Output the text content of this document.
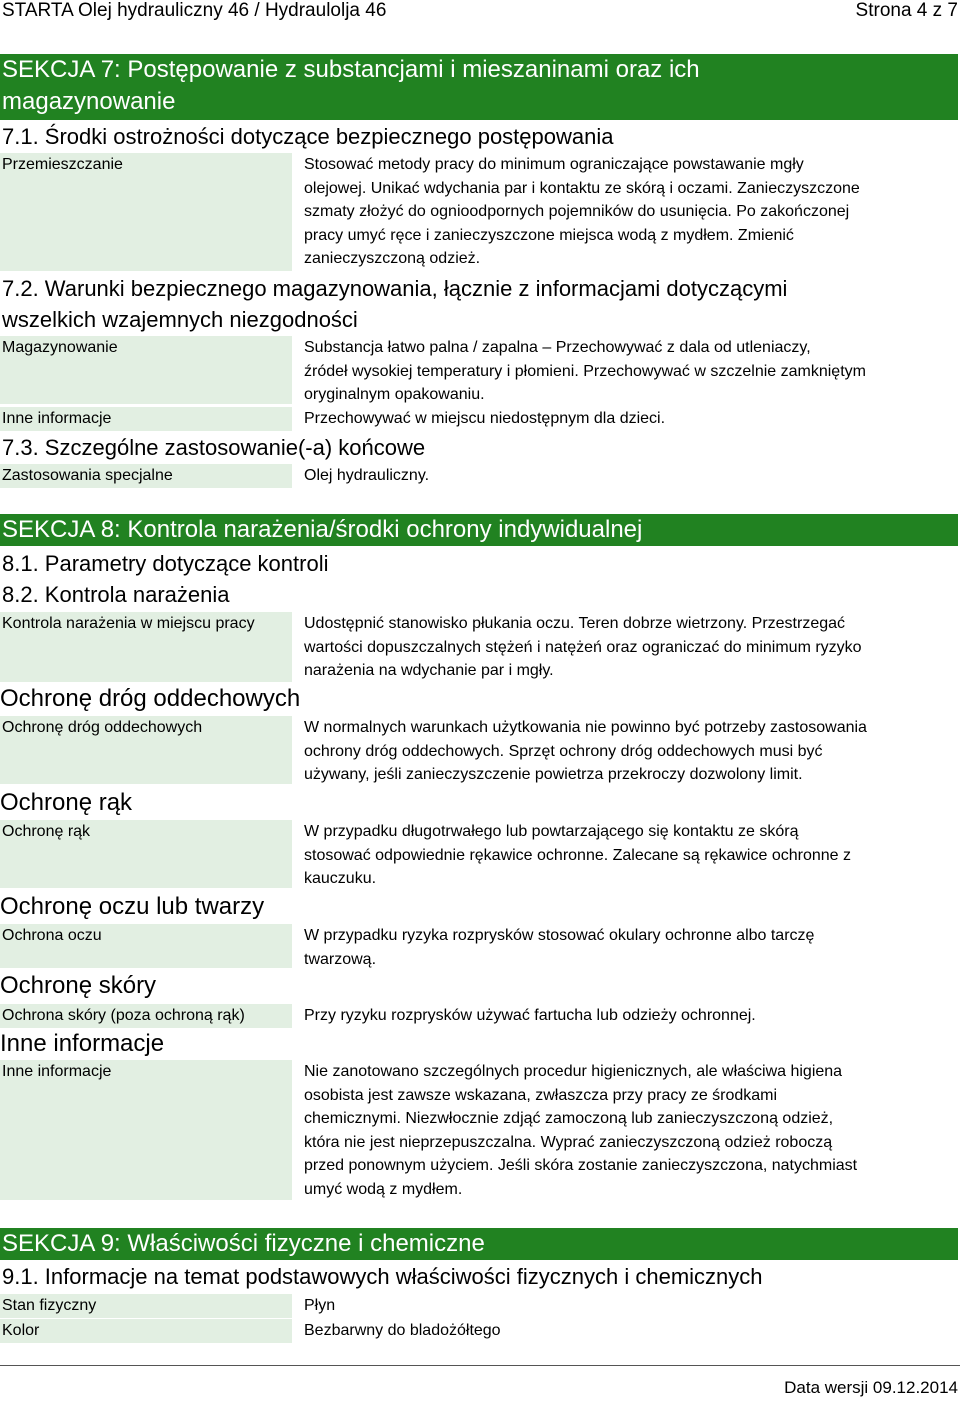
STARTA Olej hydrauliczny 46 / Hydraulolja 46	Strona 4 z 7
SEKCJA 7: Postępowanie z substancjami i mieszaninami oraz ich
magazynowanie
7.1. Środki ostrożności dotyczące bezpiecznego postępowania
Przemieszczanie	Stosować metody pracy do minimum ograniczające powstawanie mgły
olejowej. Unikać wdychania par i kontaktu ze skórą i oczami. Zanieczyszczone
szmaty złożyć do ognioodpornych pojemników do usunięcia. Po zakończonej
pracy umyć ręce i zanieczyszczone miejsca wodą z mydłem. Zmienić
zanieczyszczoną odzież.
7.2. Warunki bezpiecznego magazynowania, łącznie z informacjami dotyczącymi
wszelkich wzajemnych niezgodności
Magazynowanie	Substancja łatwo palna / zapalna – Przechowywać z dala od utleniaczy,
źródeł wysokiej temperatury i płomieni. Przechowywać w szczelnie zamkniętym
oryginalnym opakowaniu.
Inne informacje	Przechowywać w miejscu niedostępnym dla dzieci.
7.3. Szczególne zastosowanie(-a) końcowe
Zastosowania specjalne	Olej hydrauliczny.
SEKCJA 8: Kontrola narażenia/środki ochrony indywidualnej
8.1. Parametry dotyczące kontroli
8.2. Kontrola narażenia
Kontrola narażenia w miejscu pracy	Udostępnić stanowisko płukania oczu. Teren dobrze wietrzony. Przestrzegać
wartości dopuszczalnych stężeń i natężeń oraz ograniczać do minimum ryzyko
narażenia na wdychanie par i mgły.
Ochronę dróg oddechowych
Ochronę dróg oddechowych	W normalnych warunkach użytkowania nie powinno być potrzeby zastosowania
ochrony dróg oddechowych. Sprzęt ochrony dróg oddechowych musi być
używany, jeśli zanieczyszczenie powietrza przekroczy dozwolony limit.
Ochronę rąk
Ochronę rąk	W przypadku długotrwałego lub powtarzającego się kontaktu ze skórą
stosować odpowiednie rękawice ochronne. Zalecane są rękawice ochronne z
kauczuku.
Ochronę oczu lub twarzy
Ochrona oczu	W przypadku ryzyka rozprysków stosować okulary ochronne albo tarczę
twarzową.
Ochronę skóry
Ochrona skóry (poza ochroną rąk)	Przy ryzyku rozprysków używać fartucha lub odzieży ochronnej.
Inne informacje
Inne informacje	Nie zanotowano szczególnych procedur higienicznych, ale właściwa higiena
osobista jest zawsze wskazana, zwłaszcza przy pracy ze środkami
chemicznymi. Niezwłocznie zdjąć zamoczoną lub zanieczyszczoną odzież,
która nie jest nieprzepuszczalna. Wyprać zanieczyszczoną odzież roboczą
przed ponownym użyciem. Jeśli skóra zostanie zanieczyszczona, natychmiast
umyć wodą z mydłem.
SEKCJA 9: Właściwości fizyczne i chemiczne
9.1. Informacje na temat podstawowych właściwości fizycznych i chemicznych
Stan fizyczny	Płyn
Kolor	Bezbarwny do bladożółtego
Data wersji 09.12.2014
